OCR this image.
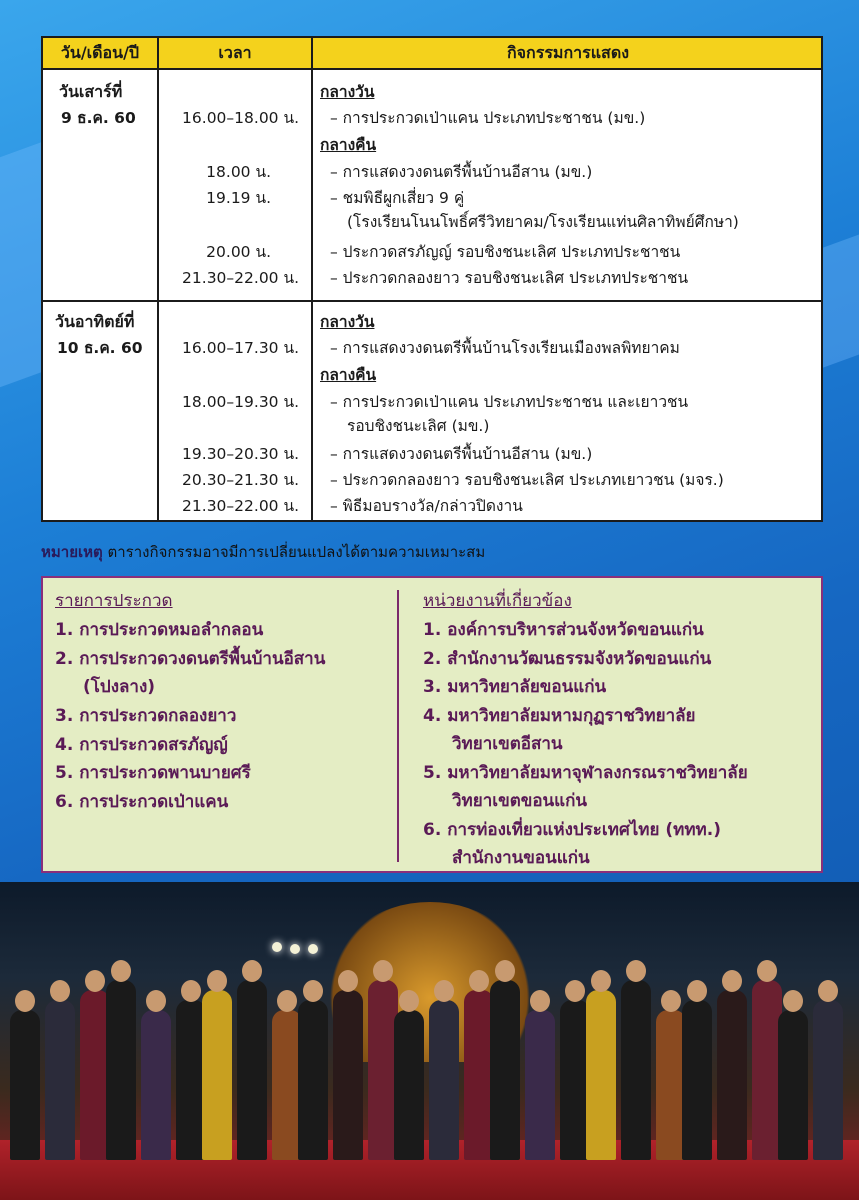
วัน/เดือน/ปี	เวลา	กิจกรรมการแสดง
วันเสาร์ที่
9 ธ.ค. 60
กลางวัน
16.00–18.00 น. – การประกวดเป่าแคน ประเภทประชาชน (มข.)
กลางคืน
18.00 น.	– การแสดงวงดนตรีพื้นบ้านอีสาน (มข.)
19.19 น.	– ชมพิธีผูกเสี่ยว 9 คู่
(โรงเรียนโนนโพธิ์ศรีวิทยาคม/โรงเรียนแท่นศิลาทิพย์ศึกษา)
20.00 น.	– ประกวดสรภัญญ์ รอบชิงชนะเลิศ ประเภทประชาชน
21.30–22.00 น. – ประกวดกลองยาว รอบชิงชนะเลิศ ประเภทประชาชน
วันอาทิตย์ที่
10 ธ.ค. 60
กลางวัน
16.00–17.30 น. – การแสดงวงดนตรีพื้นบ้านโรงเรียนเมืองพลพิทยาคม
กลางคืน
18.00–19.30 น. – การประกวดเป่าแคน ประเภทประชาชน และเยาวชน
รอบชิงชนะเลิศ (มข.)
19.30–20.30 น. – การแสดงวงดนตรีพื้นบ้านอีสาน (มข.)
20.30–21.30 น. – ประกวดกลองยาว รอบชิงชนะเลิศ ประเภทเยาวชน (มจร.)
21.30–22.00 น. – พิธีมอบรางวัล/กล่าวปิดงาน
หมายเหตุ ตารางกิจกรรมอาจมีการเปลี่ยนแปลงได้ตามความเหมาะสม
รายการประกวด
1. การประกวดหมอลำกลอน
2. การประกวดวงดนตรีพื้นบ้านอีสาน
(โปงลาง)
3. การประกวดกลองยาว
4. การประกวดสรภัญญ์
5. การประกวดพานบายศรี
6. การประกวดเป่าแคน
หน่วยงานที่เกี่ยวข้อง
1. องค์การบริหารส่วนจังหวัดขอนแก่น
2. สำนักงานวัฒนธรรมจังหวัดขอนแก่น
3. มหาวิทยาลัยขอนแก่น
4. มหาวิทยาลัยมหามกุฏราชวิทยาลัย
วิทยาเขตอีสาน
5. มหาวิทยาลัยมหาจุฬาลงกรณราชวิทยาลัย
วิทยาเขตขอนแก่น
6. การท่องเที่ยวแห่งประเทศไทย (ททท.)
สำนักงานขอนแก่น
